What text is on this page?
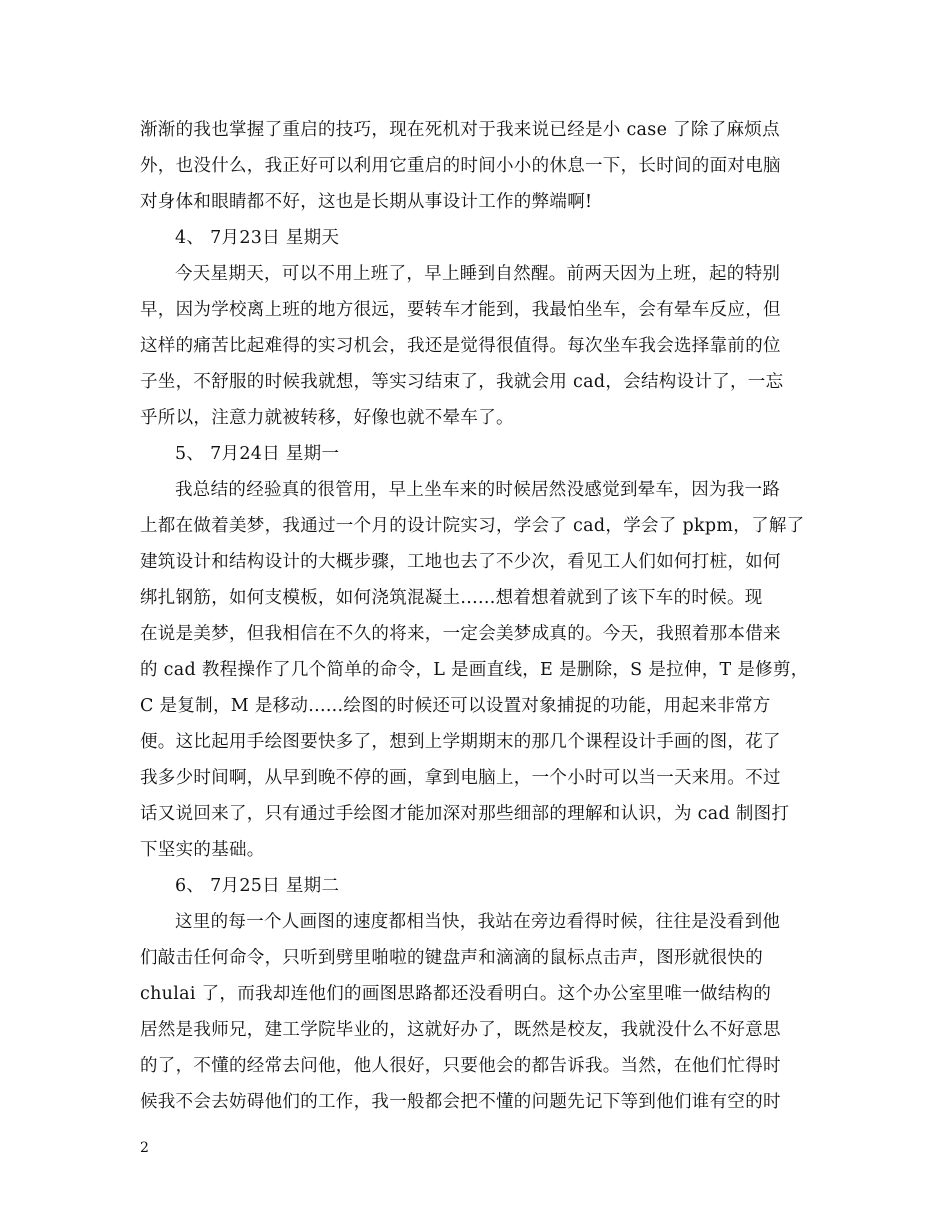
渐渐的我也掌握了重启的技巧，现在死机对于我来说已经是小 case 了除了麻烦点
外，也没什么，我正好可以利用它重启的时间小小的休息一下，长时间的面对电脑
对身体和眼睛都不好，这也是长期从事设计工作的弊端啊!
4、 7月23日 星期天
今天星期天，可以不用上班了，早上睡到自然醒。前两天因为上班，起的特别
早，因为学校离上班的地方很远，要转车才能到，我最怕坐车，会有晕车反应，但
这样的痛苦比起难得的实习机会，我还是觉得很值得。每次坐车我会选择靠前的位
子坐，不舒服的时候我就想，等实习结束了，我就会用 cad，会结构设计了，一忘
乎所以，注意力就被转移，好像也就不晕车了。
5、 7月24日 星期一
我总结的经验真的很管用，早上坐车来的时候居然没感觉到晕车，因为我一路
上都在做着美梦，我通过一个月的设计院实习，学会了 cad，学会了 pkpm，了解了
建筑设计和结构设计的大概步骤，工地也去了不少次，看见工人们如何打桩，如何
绑扎钢筋，如何支模板，如何浇筑混凝土......想着想着就到了该下车的时候。现
在说是美梦，但我相信在不久的将来，一定会美梦成真的。今天，我照着那本借来
的 cad 教程操作了几个简单的命令，L 是画直线，E 是删除，S 是拉伸，T 是修剪，
C 是复制，M 是移动......绘图的时候还可以设置对象捕捉的功能，用起来非常方
便。这比起用手绘图要快多了，想到上学期期末的那几个课程设计手画的图，花了
我多少时间啊，从早到晚不停的画，拿到电脑上，一个小时可以当一天来用。不过
话又说回来了，只有通过手绘图才能加深对那些细部的理解和认识，为 cad 制图打
下坚实的基础。
6、 7月25日 星期二
这里的每一个人画图的速度都相当快，我站在旁边看得时候，往往是没看到他
们敲击任何命令，只听到劈里啪啦的键盘声和滴滴的鼠标点击声，图形就很快的
chulai 了，而我却连他们的画图思路都还没看明白。这个办公室里唯一做结构的
居然是我师兄，建工学院毕业的，这就好办了，既然是校友，我就没什么不好意思
的了，不懂的经常去问他，他人很好，只要他会的都告诉我。当然，在他们忙得时
候我不会去妨碍他们的工作，我一般都会把不懂的问题先记下等到他们谁有空的时
2
